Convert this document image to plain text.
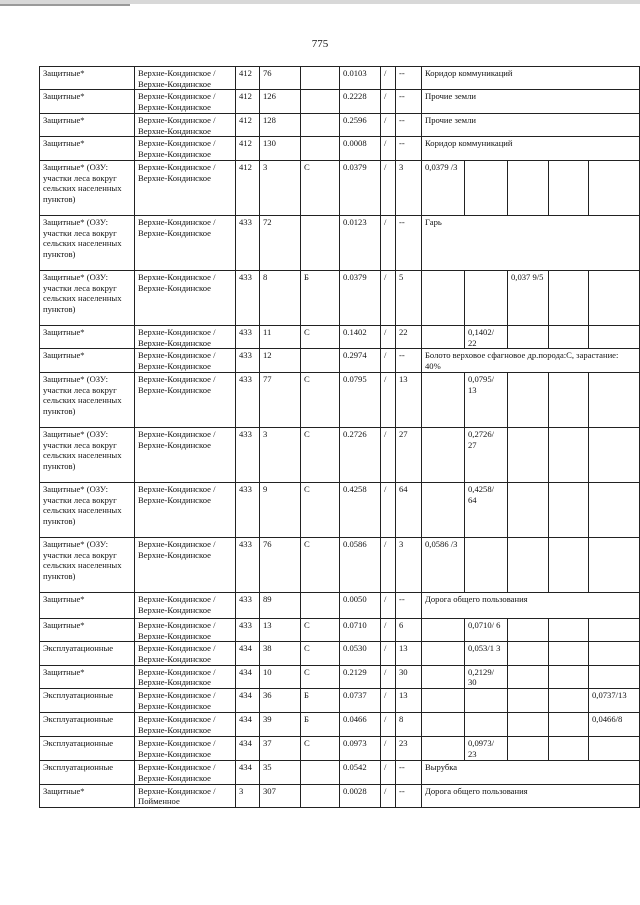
775
Защитные*	Верхне-Кондинское / Верхне-Кондинское	412	76		0.0103	/	--	Коридор коммуникаций				
Защитные*	Верхне-Кондинское / Верхне-Кондинское	412	126		0.2228	/	--	Прочие земли				
Защитные*	Верхне-Кондинское / Верхне-Кондинское	412	128		0.2596	/	--	Прочие земли				
Защитные*	Верхне-Кондинское / Верхне-Кондинское	412	130		0.0008	/	--	Коридор коммуникаций				
Защитные* (ОЗУ: участки леса вокруг сельских населенных пунктов)	Верхне-Кондинское / Верхне-Кондинское	412	3	С	0.0379	/	3	0,0379 /3				
Защитные* (ОЗУ: участки леса вокруг сельских населенных пунктов)	Верхне-Кондинское / Верхне-Кондинское	433	72		0.0123	/	--	Гарь				
Защитные* (ОЗУ: участки леса вокруг сельских населенных пунктов)	Верхне-Кондинское / Верхне-Кондинское	433	8	Б	0.0379	/	5			0,037 9/5		
Защитные*	Верхне-Кондинское / Верхне-Кондинское	433	11	С	0.1402	/	22		0,1402/ 22			
Защитные*	Верхне-Кондинское / Верхне-Кондинское	433	12		0.2974	/	--	Болото верховое сфагновое др.порода:С, зарастание: 40%				
Защитные* (ОЗУ: участки леса вокруг сельских населенных пунктов)	Верхне-Кондинское / Верхне-Кондинское	433	77	С	0.0795	/	13		0,0795/ 13			
Защитные* (ОЗУ: участки леса вокруг сельских населенных пунктов)	Верхне-Кондинское / Верхне-Кондинское	433	3	С	0.2726	/	27		0,2726/ 27			
Защитные* (ОЗУ: участки леса вокруг сельских населенных пунктов)	Верхне-Кондинское / Верхне-Кондинское	433	9	С	0.4258	/	64		0,4258/ 64			
Защитные* (ОЗУ: участки леса вокруг сельских населенных пунктов)	Верхне-Кондинское / Верхне-Кондинское	433	76	С	0.0586	/	3	0,0586 /3				
Защитные*	Верхне-Кондинское / Верхне-Кондинское	433	89		0.0050	/	--	Дорога общего пользования				
Защитные*	Верхне-Кондинское / Верхне-Кондинское	433	13	С	0.0710	/	6		0,0710/ 6			
Эксплуатационные	Верхне-Кондинское / Верхне-Кондинское	434	38	С	0.0530	/	13		0,053/1 3			
Защитные*	Верхне-Кондинское / Верхне-Кондинское	434	10	С	0.2129	/	30		0,2129/ 30			
Эксплуатационные	Верхне-Кондинское / Верхне-Кондинское	434	36	Б	0.0737	/	13					0,0737/13
Эксплуатационные	Верхне-Кондинское / Верхне-Кондинское	434	39	Б	0.0466	/	8					0,0466/8
Эксплуатационные	Верхне-Кондинское / Верхне-Кондинское	434	37	С	0.0973	/	23		0,0973/ 23			
Эксплуатационные	Верхне-Кондинское / Верхне-Кондинское	434	35		0.0542	/	--	Вырубка				
Защитные*	Верхне-Кондинское / Пойменное	3	307		0.0028	/	--	Дорога общего пользования				
